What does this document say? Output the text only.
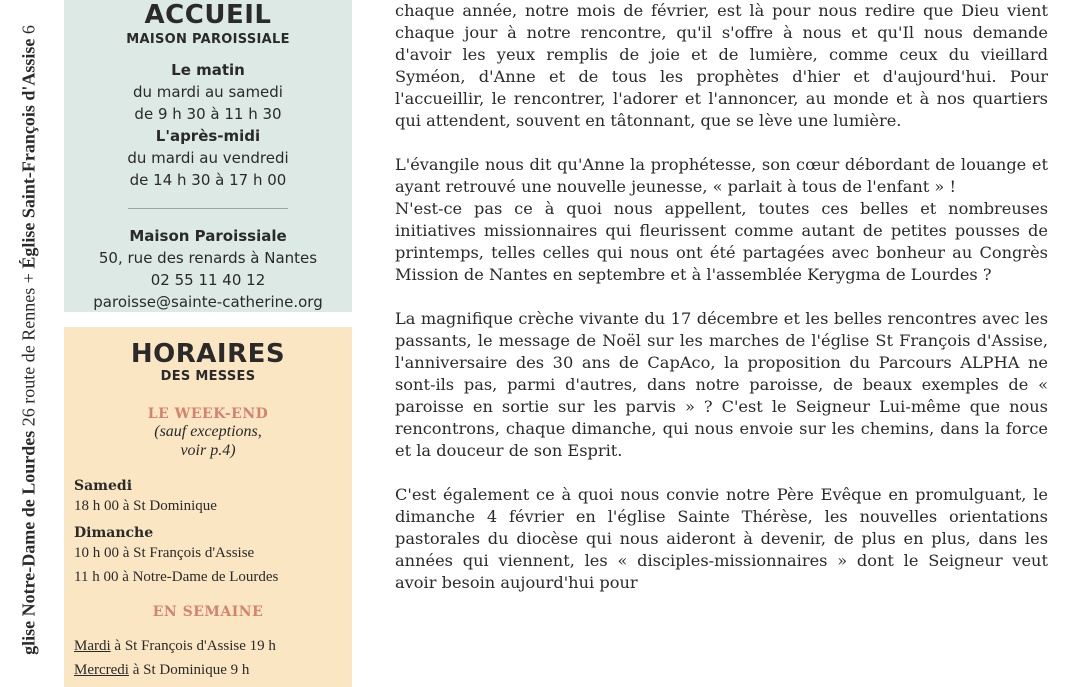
glise Notre-Dame de Lourdes 26 route de Rennes + Église Saint-François d'Assise 6
ACCUEIL
MAISON PAROISSIALE
Le matin
du mardi au samedi
de 9 h 30 à 11 h 30
L'après-midi
du mardi au vendredi
de 14 h 30 à 17 h 00
Maison Paroissiale
50, rue des renards à Nantes
02 55 11 40 12
paroisse@sainte-catherine.org
HORAIRES
DES MESSES
LE WEEK-END
(sauf exceptions,
voir p.4)
Samedi
18 h 00 à St Dominique
Dimanche
10 h 00 à St François d'Assise
11 h 00 à Notre-Dame de Lourdes
EN SEMAINE
Mardi à St François d'Assise 19 h
Mercredi à St Dominique 9 h

chaque année, notre mois de février, est là pour nous redire que Dieu vient chaque jour à notre rencontre, qu'il s'offre à nous et qu'Il nous demande d'avoir les yeux remplis de joie et de lumière, comme ceux du vieillard Syméon, d'Anne et de tous les prophètes d'hier et d'aujourd'hui. Pour l'accueillir, le rencontrer, l'adorer et l'annoncer, au monde et à nos quartiers qui attendent, souvent en tâtonnant, que se lève une lumière.

L'évangile nous dit qu'Anne la prophétesse, son cœur débordant de louange et ayant retrouvé une nouvelle jeunesse, « parlait à tous de l'enfant » !

N'est-ce pas ce à quoi nous appellent, toutes ces belles et nombreuses initiatives missionnaires qui fleurissent comme autant de petites pousses de printemps, telles celles qui nous ont été partagées avec bonheur au Congrès Mission de Nantes en septembre et à l'assemblée Kerygma de Lourdes ?

La magnifique crèche vivante du 17 décembre et les belles rencontres avec les passants, le message de Noël sur les marches de l'église St François d'Assise, l'anniversaire des 30 ans de CapAco, la proposition du Parcours ALPHA ne sont-ils pas, parmi d'autres, dans notre paroisse, de beaux exemples de « paroisse en sortie sur les parvis » ? C'est le Seigneur Lui-même que nous rencontrons, chaque dimanche, qui nous envoie sur les chemins, dans la force et la douceur de son Esprit.

C'est également ce à quoi nous convie notre Père Evêque en promulguant, le dimanche 4 février en l'église Sainte Thérèse, les nouvelles orientations pastorales du diocèse qui nous aideront à devenir, de plus en plus, dans les années qui viennent, les « disciples-missionnaires » dont le Seigneur veut avoir besoin aujourd'hui pour
